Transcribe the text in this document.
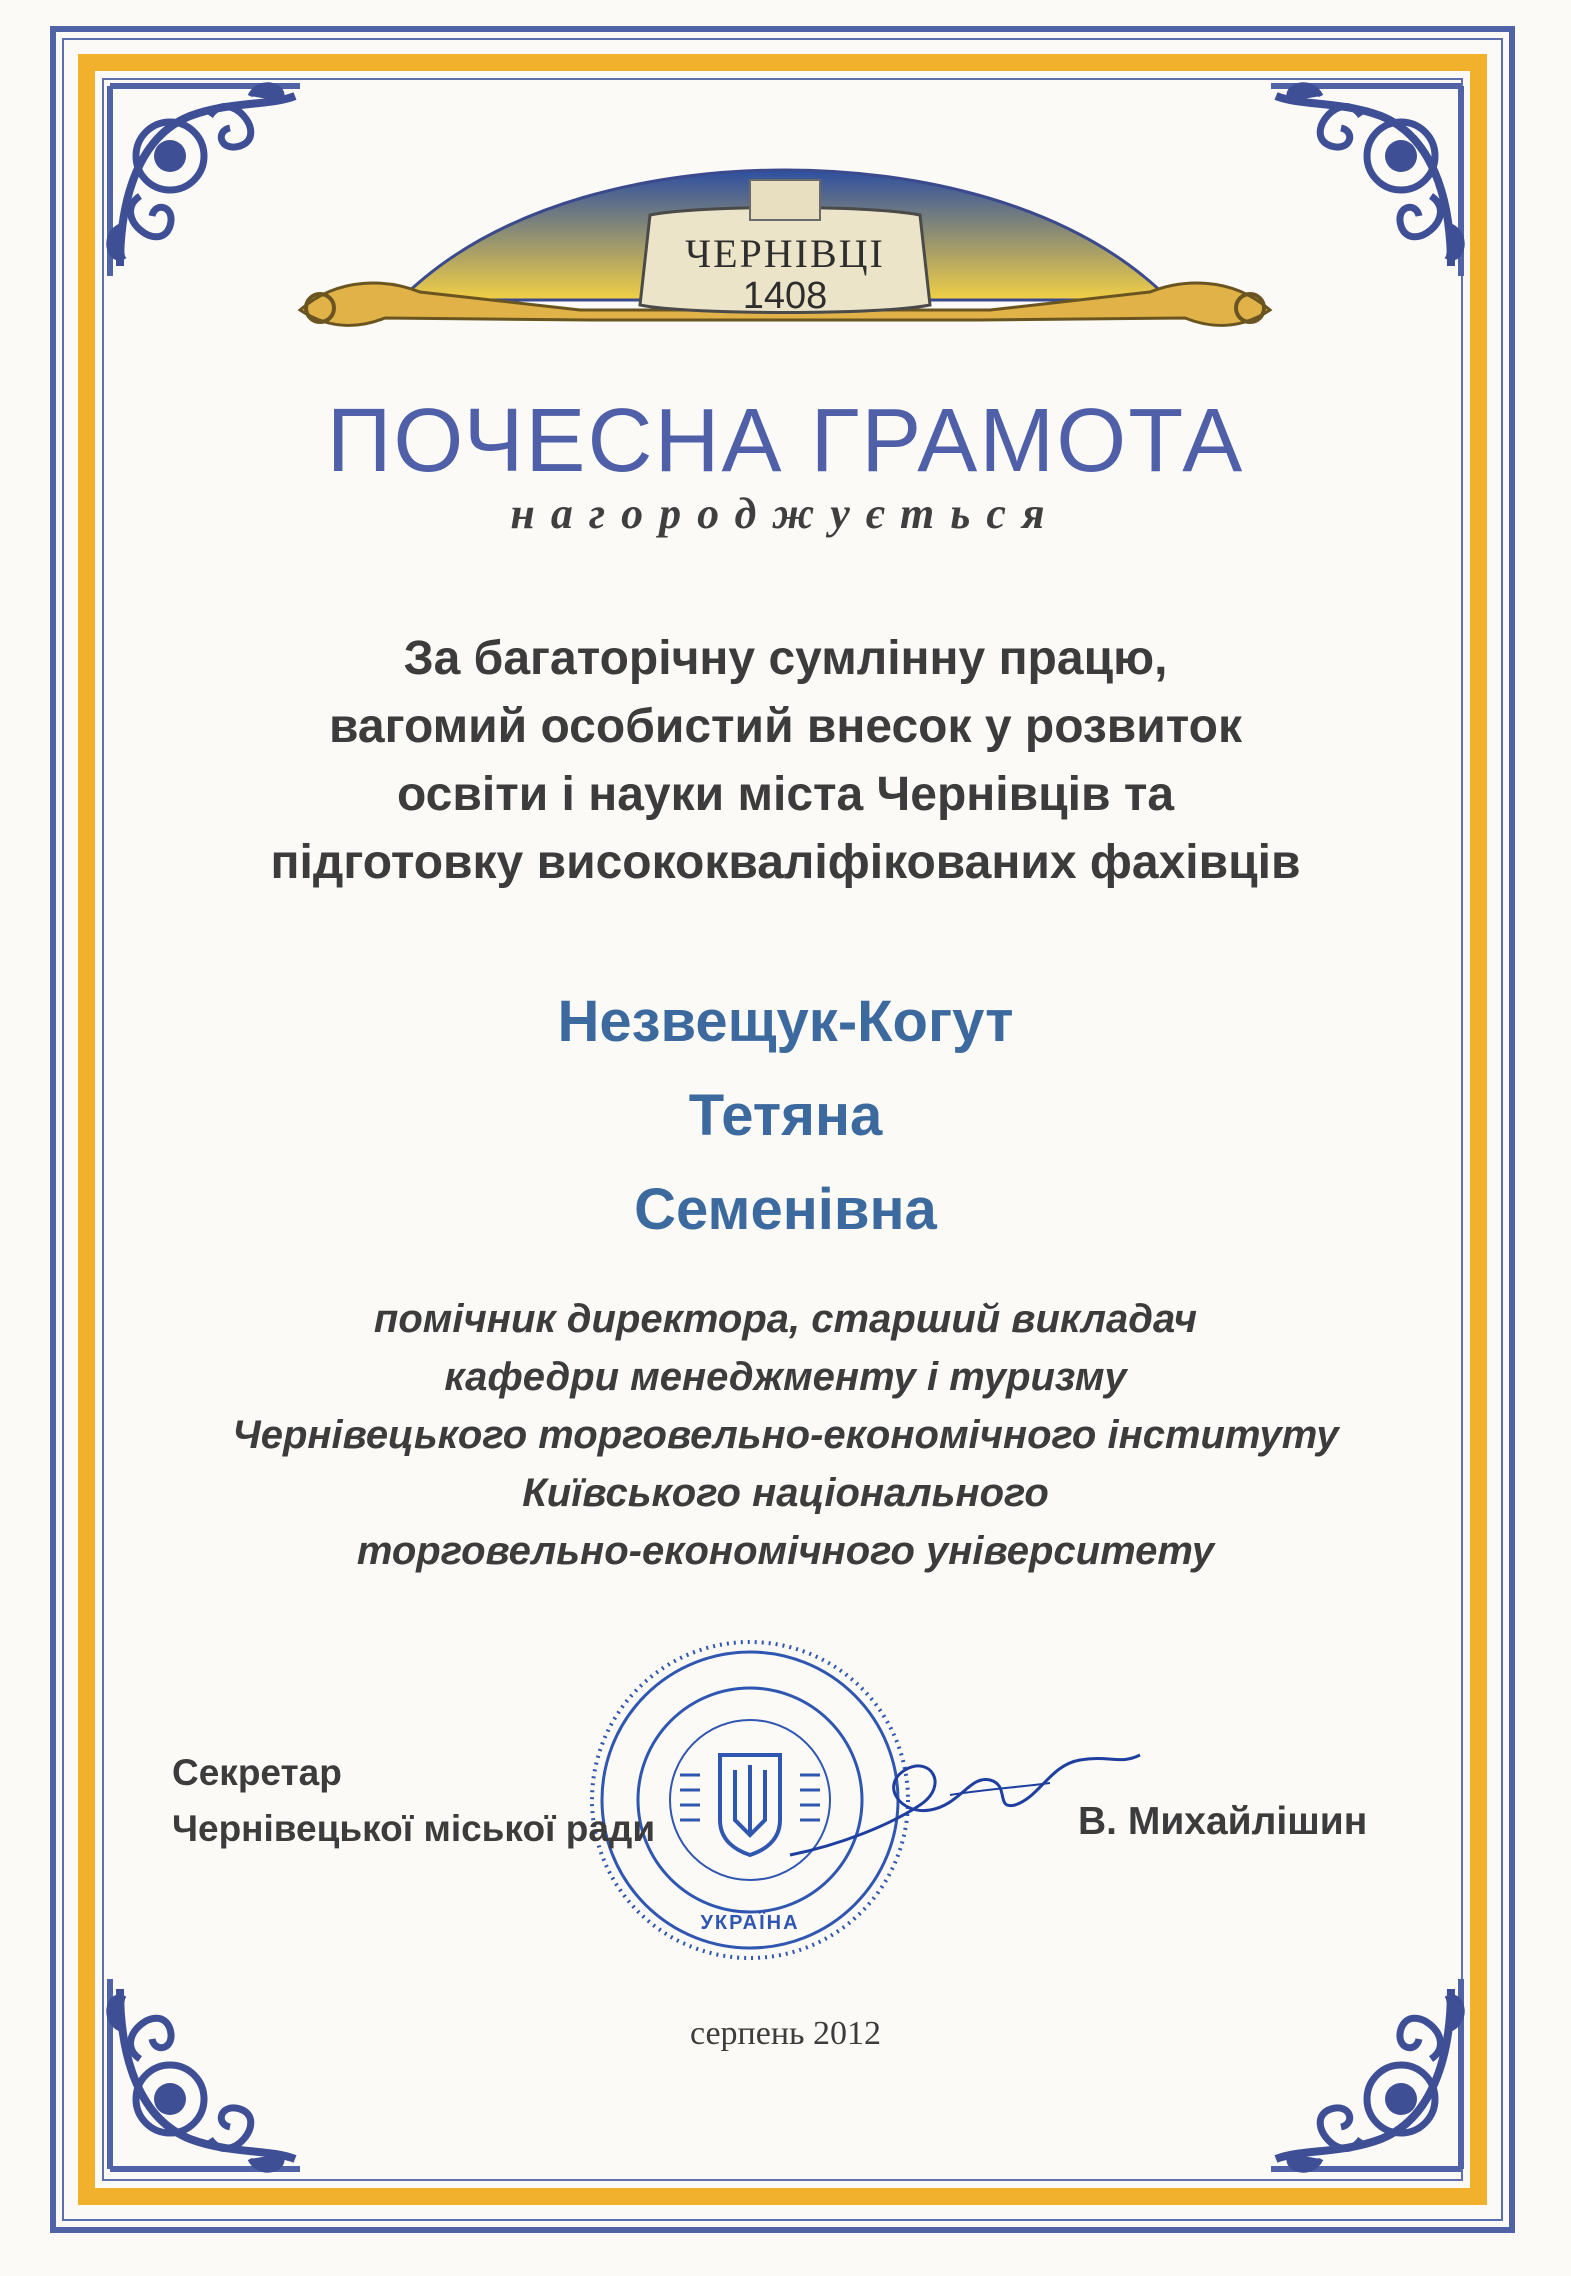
ЧЕРНІВЦІ
1408
ПОЧЕСНА ГРАМОТА
нагороджується
За багаторічну сумлінну працю,
вагомий особистий внесок у розвиток
освіти і науки міста Чернівців та
підготовку висококваліфікованих фахівців
Незвещук-Когут
Тетяна
Семенівна
помічник директора, старший викладач
кафедри менеджменту і туризму
Чернівецького торговельно-економічного інституту
Київського національного
торговельно-економічного університету
УКРАЇНА
Секретар
Чернівецької міської ради	В. Михайлішин
серпень 2012
